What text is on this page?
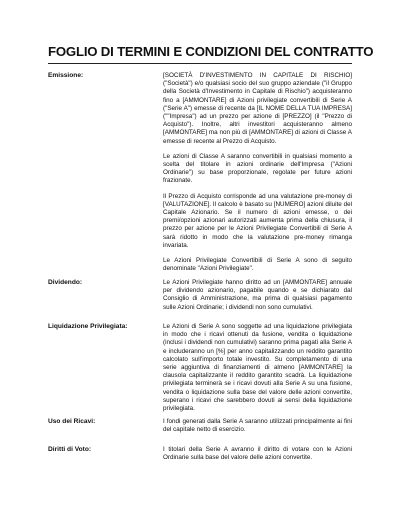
FOGLIO DI TERMINI E CONDIZIONI DEL CONTRATTO
Emissione:	[SOCIETÀ D'INVESTIMENTO IN CAPITALE DI RISCHIO] ("Società") e/o qualsiasi socio del suo gruppo aziendale ("il Gruppo della Società d'Investimento in Capitale di Rischio") acquisteranno fino a [AMMONTARE] di Azioni privilegiate convertibili di Serie A ("Serie A") emesse di recente da [IL NOME DELLA TUA IMPRESA] (""Impresa") ad un prezzo per azione di [PREZZO] (il "Prezzo di Acquisto"). Inoltre, altri investitori acquisteranno almeno [AMMONTARE] ma non più di [AMMONTARE] di azioni di Classe A emesse di recente al Prezzo di Acquisto.

Le azioni di Classe A saranno convertibili in qualsiasi momento a scelta del titolare in azioni ordinarie dell'Impresa ("Azioni Ordinarie") su base proporzionale, regolate per future azioni frazionate.

Il Prezzo di Acquisto corrisponde ad una valutazione pre-money di [VALUTAZIONE]. Il calcolo è basato su [NUMERO] azioni diluite del Capitale Azionario. Se il numero di azioni emesse, o dei premi/opzioni azionari autorizzati aumenta prima della chiusura, il prezzo per azione per le Azioni Privilegiate Convertibili di Serie A sarà ridotto in modo che la valutazione pre-money rimanga invariata.

Le Azioni Privilegiate Convertibili di Serie A sono di seguito denominate "Azioni Privilegiate".

Dividendo:	Le Azioni Privilegiate hanno diritto ad un [AMMONTARE] annuale per dividendo azionario, pagabile quando e se dichiarato dal Consiglio di Amministrazione, ma prima di qualsiasi pagamento sulle Azioni Ordinarie; i dividendi non sono cumulativi.

Liquidazione Privilegiata:	Le Azioni di Serie A sono soggette ad una liquidazione privilegiata in modo che i ricavi ottenuti da fusione, vendita o liquidazione (inclusi i dividendi non cumulativi) saranno prima pagati alla Serie A e includeranno un [%] per anno capitalizzando un reddito garantito calcolato sull'importo totale investito. Su completamento di una serie aggiuntiva di finanziamenti di almeno [AMMONTARE] la clausola capitalizzante il reddito garantito scadrà. La liquidazione privilegiata terminerà se i ricavi dovuti alla Serie A su una fusione, vendita o liquidazione sulla base del valore delle azioni convertite, superano i ricavi che sarebbero dovuti ai sensi della liquidazione privilegiata.

Uso dei Ricavi:	I fondi generati dalla Serie A saranno utilizzati principalmente ai fini del capitale netto di esercizio.

Diritti di Voto:	I titolari della Serie A avranno il diritto di votare con le Azioni Ordinarie sulla base del valore delle azioni convertite.
